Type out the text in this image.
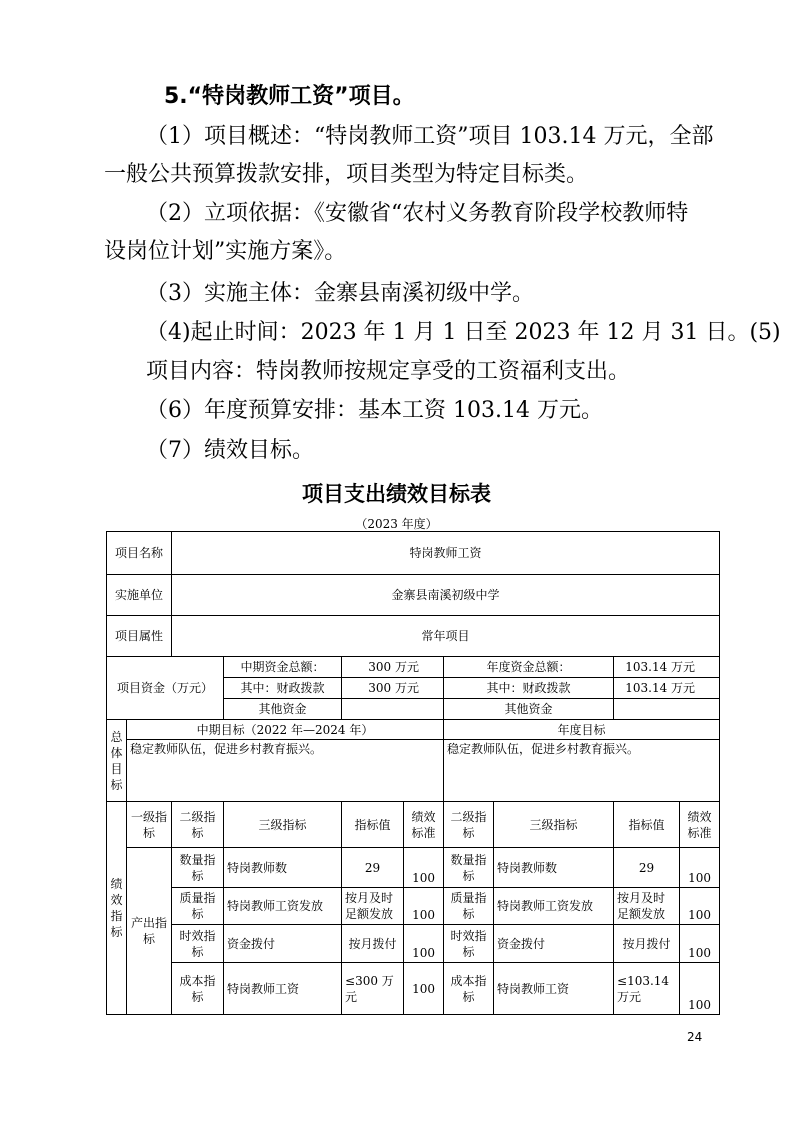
5.“特岗教师工资”项目。
（1）项目概述：“特岗教师工资”项目 103.14 万元，全部
一般公共预算拨款安排，项目类型为特定目标类。
（2）立项依据：《安徽省“农村义务教育阶段学校教师特
设岗位计划”实施方案》。
（3）实施主体：金寨县南溪初级中学。
（4)起止时间：2023 年 1 月 1 日至 2023 年 12 月 31 日。(5)
项目内容：特岗教师按规定享受的工资福利支出。
（6）年度预算安排：基本工资 103.14 万元。
（7）绩效目标。
项目支出绩效目标表
（2023 年度）
项目名称		特岗教师工资							
实施单位		金寨县南溪初级中学							
项目属性		常年项目							
项目资金（万元）			中期资金总额：	300 万元		年度资金总额：		103.14 万元	
			其中：财政拨款	300 万元		其中：财政拨款		103.14 万元	
			其他资金			其他资金			
总体目标	中期目标（2022 年—2024 年）					年度目标			
	稳定教师队伍，促进乡村教育振兴。					稳定教师队伍，促进乡村教育振兴。			
绩效指标	一级指标	二级指标	三级指标	指标值	绩效标准	二级指标	三级指标	指标值	绩效标准
	产出指标	数量指标	特岗教师数	29	100	数量指标	特岗教师数	29	100
		质量指标	特岗教师工资发放	按月及时足额发放	100	质量指标	特岗教师工资发放	按月及时足额发放	100
		时效指标	资金拨付	按月拨付	100	时效指标	资金拨付	按月拨付	100
		成本指标	特岗教师工资	≤300 万元	100	成本指标	特岗教师工资	≤103.14 万元	100
24
